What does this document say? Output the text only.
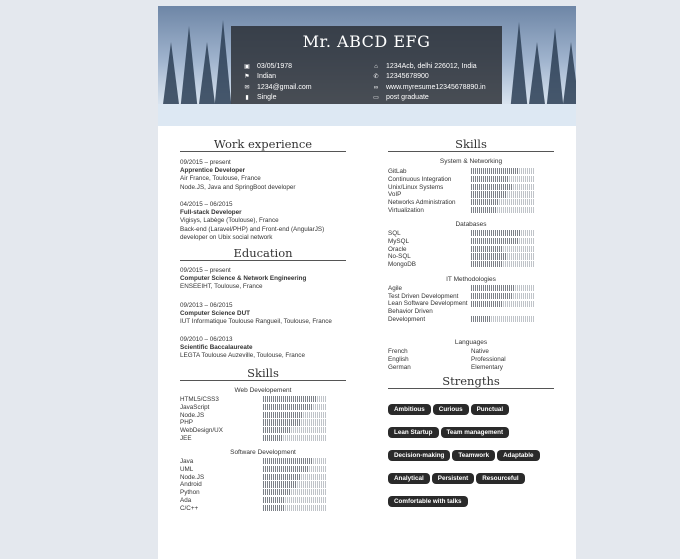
Mr. ABCD EFG
▣ 03/05/1978
⚑ Indian
✉ 1234@gmail.com
▮ Single
⌂ 1234Acb, delhi 226012, India
✆ 12345678900
∞ www.myresume12345678890.in
▭ post graduate
Work experience
09/2015 – present
Apprentice Developer
Air France, Toulouse, France
Node.JS, Java and SpringBoot developer
04/2015 – 06/2015
Full-stack Developer
Vigisys, Labège (Toulouse), France
Back-end (Laravel/PHP) and Front-end (AngularJS)
developer on Ubix social network
Education
09/2015 – present
Computer Science & Network Engineering
ENSEEIHT, Toulouse, France
09/2013 – 06/2015
Computer Science DUT
IUT Informatique Toulouse Rangueil, Toulouse, France
09/2010 – 06/2013
Scientific Baccalaureate
LEGTA Toulouse Auzeville, Toulouse, France
Skills
Web Developement
HTML5/CSS3
JavaScript
Node.JS
PHP
WebDesign/UX
JEE
Software Development
Java
UML
Node.JS
Android
Python
Ada
C/C++
Skills
System & Networking
GitLab
Continuous Integration
Unix/Linux Systems
VoIP
Networks Administration
Virtualization
Databases
SQL
MySQL
Oracle
No-SQL
MongoDB
IT Methodologies
Agile
Test Driven Development
Lean Software Development
Behavior Driven Development
Languages
French
English
German
Native
Professional
Elementary
Strengths
Ambitious Curious Punctual
Lean Startup Team management
Decision-making Teamwork Adaptable
Analytical Persistent Resourceful
Comfortable with talks
